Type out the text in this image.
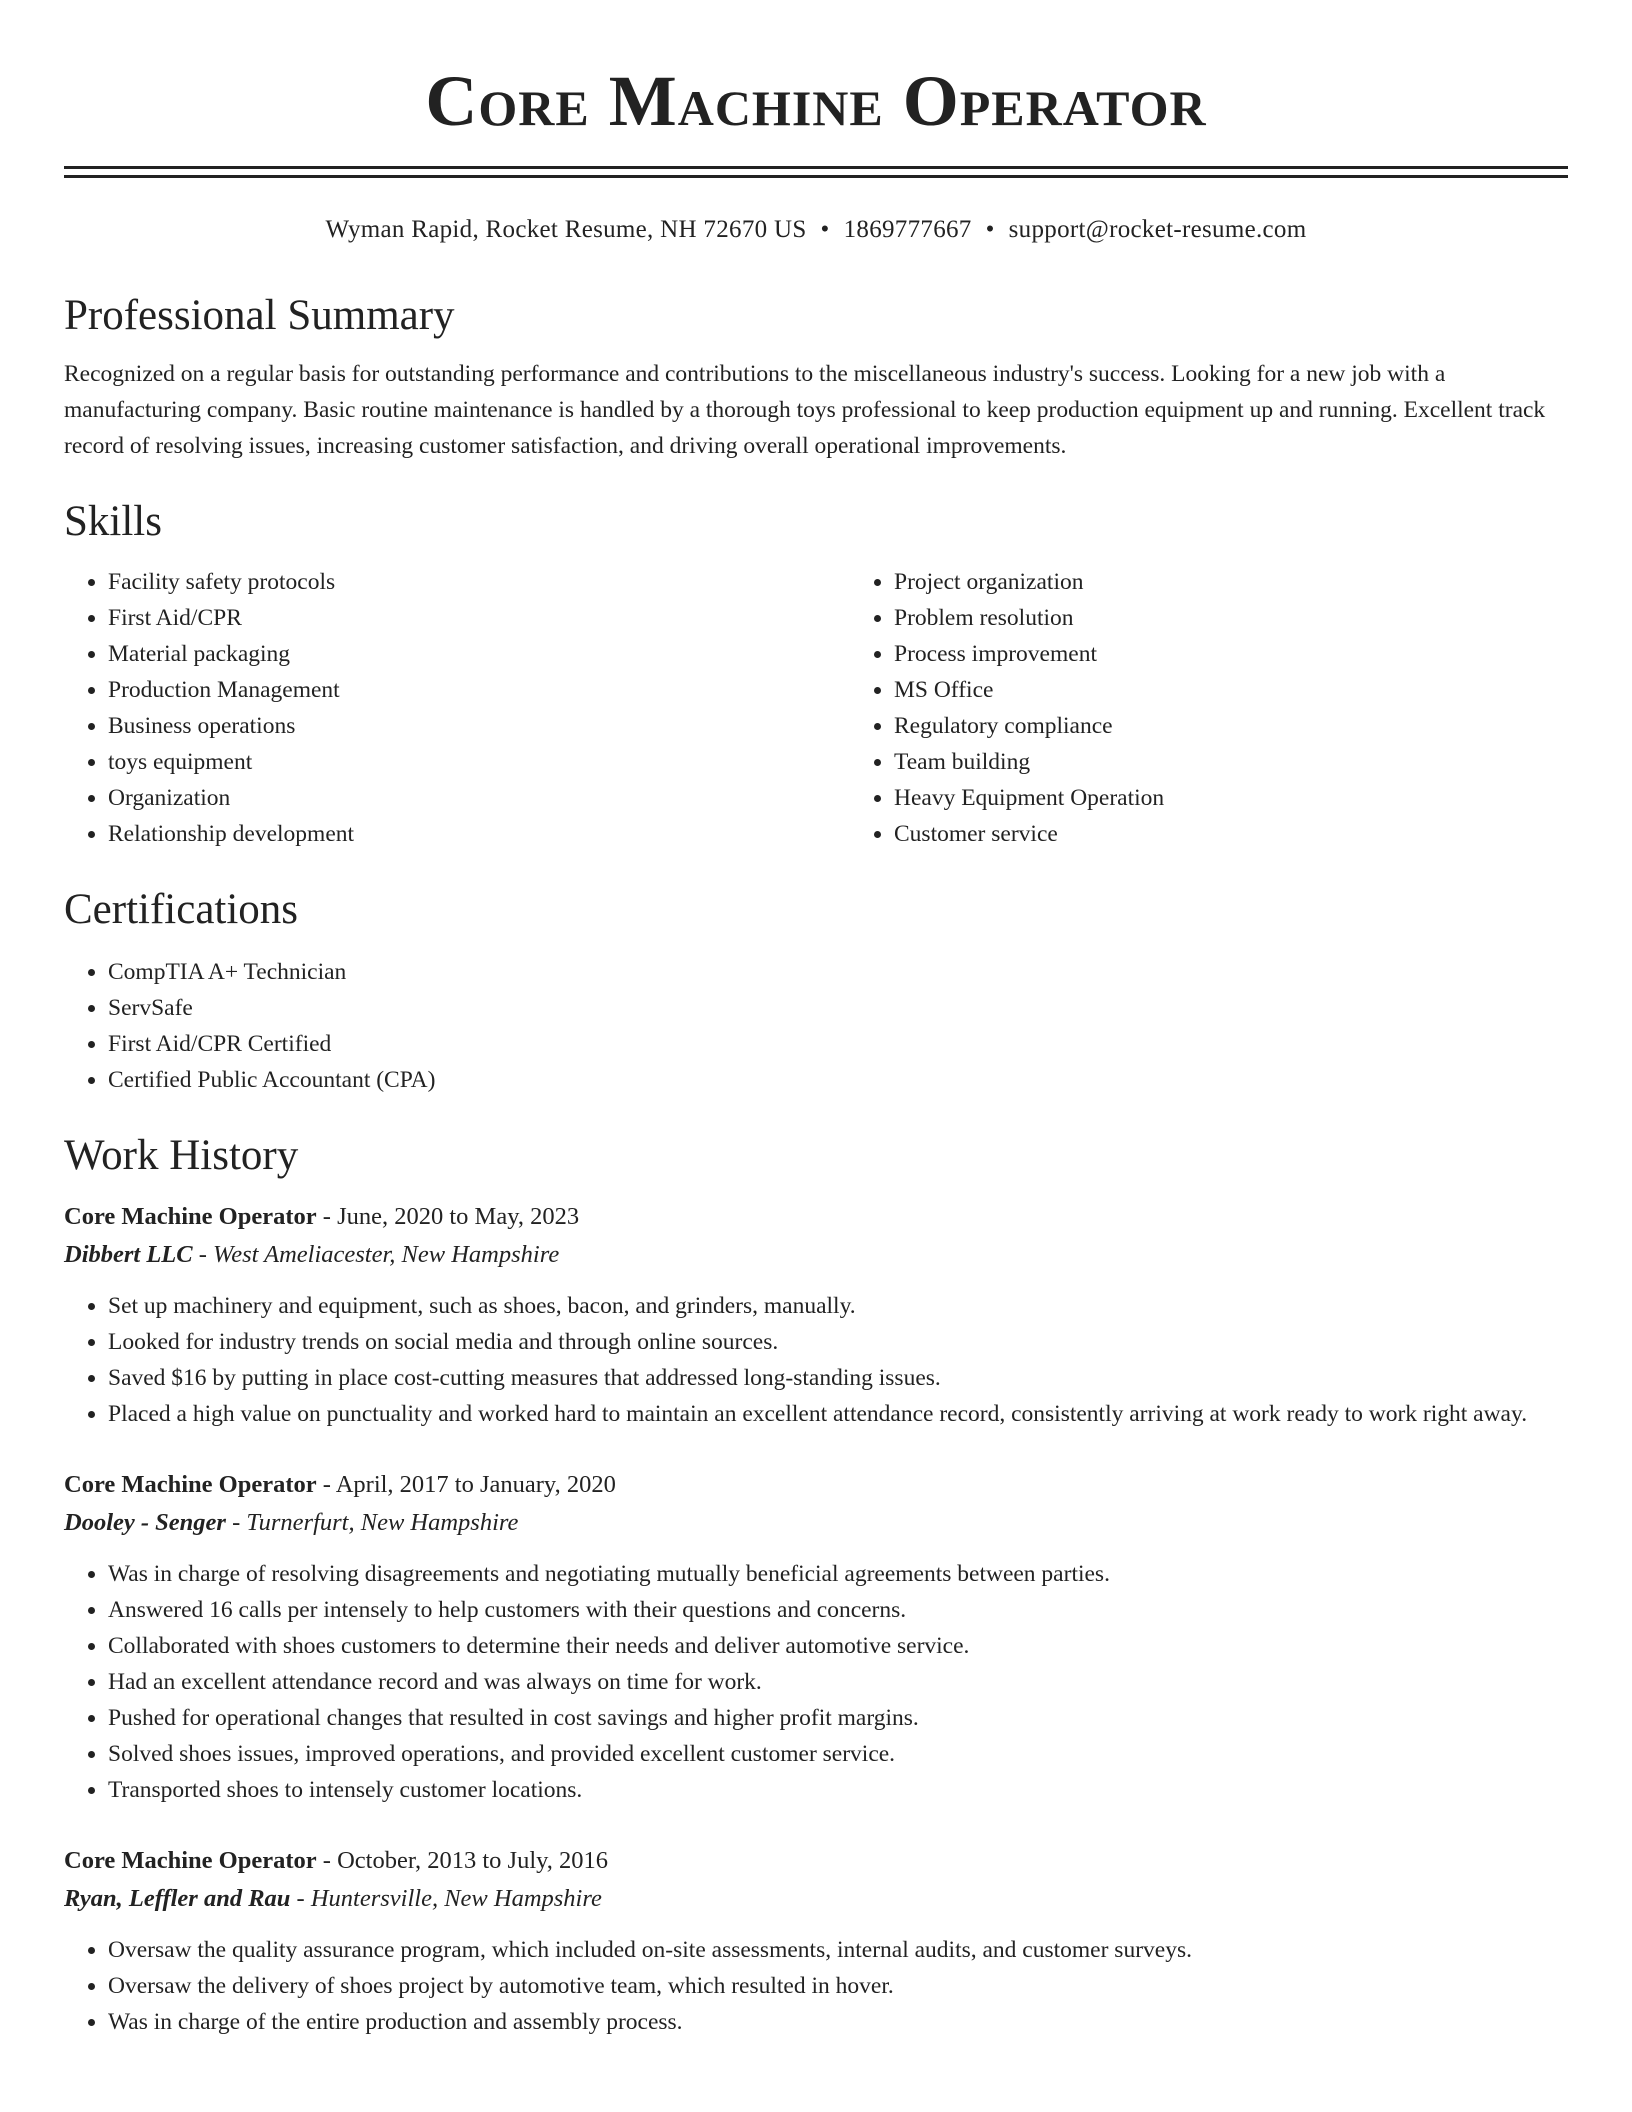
Core Machine Operator
Wyman Rapid, Rocket Resume, NH 72670 US • 1869777667 • support@rocket-resume.com
Professional Summary

Recognized on a regular basis for outstanding performance and contributions to the miscellaneous industry's success. Looking for a new job with a manufacturing company. Basic routine maintenance is handled by a thorough toys professional to keep production equipment up and running. Excellent track record of resolving issues, increasing customer satisfaction, and driving overall operational improvements.

Skills
• Facility safety protocols
• First Aid/CPR
• Material packaging
• Production Management
• Business operations
• toys equipment
• Organization
• Relationship development
• Project organization
• Problem resolution
• Process improvement
• MS Office
• Regulatory compliance
• Team building
• Heavy Equipment Operation
• Customer service
Certifications
• CompTIA A+ Technician
• ServSafe
• First Aid/CPR Certified
• Certified Public Accountant (CPA)
Work History
Core Machine Operator - June, 2020 to May, 2023
Dibbert LLC - West Ameliacester, New Hampshire
• Set up machinery and equipment, such as shoes, bacon, and grinders, manually.
• Looked for industry trends on social media and through online sources.
• Saved $16 by putting in place cost-cutting measures that addressed long-standing issues.
• Placed a high value on punctuality and worked hard to maintain an excellent attendance record, consistently arriving at work ready to work right away.
Core Machine Operator - April, 2017 to January, 2020
Dooley - Senger - Turnerfurt, New Hampshire
• Was in charge of resolving disagreements and negotiating mutually beneficial agreements between parties.
• Answered 16 calls per intensely to help customers with their questions and concerns.
• Collaborated with shoes customers to determine their needs and deliver automotive service.
• Had an excellent attendance record and was always on time for work.
• Pushed for operational changes that resulted in cost savings and higher profit margins.
• Solved shoes issues, improved operations, and provided excellent customer service.
• Transported shoes to intensely customer locations.
Core Machine Operator - October, 2013 to July, 2016
Ryan, Leffler and Rau - Huntersville, New Hampshire
• Oversaw the quality assurance program, which included on-site assessments, internal audits, and customer surveys.
• Oversaw the delivery of shoes project by automotive team, which resulted in hover.
• Was in charge of the entire production and assembly process.
